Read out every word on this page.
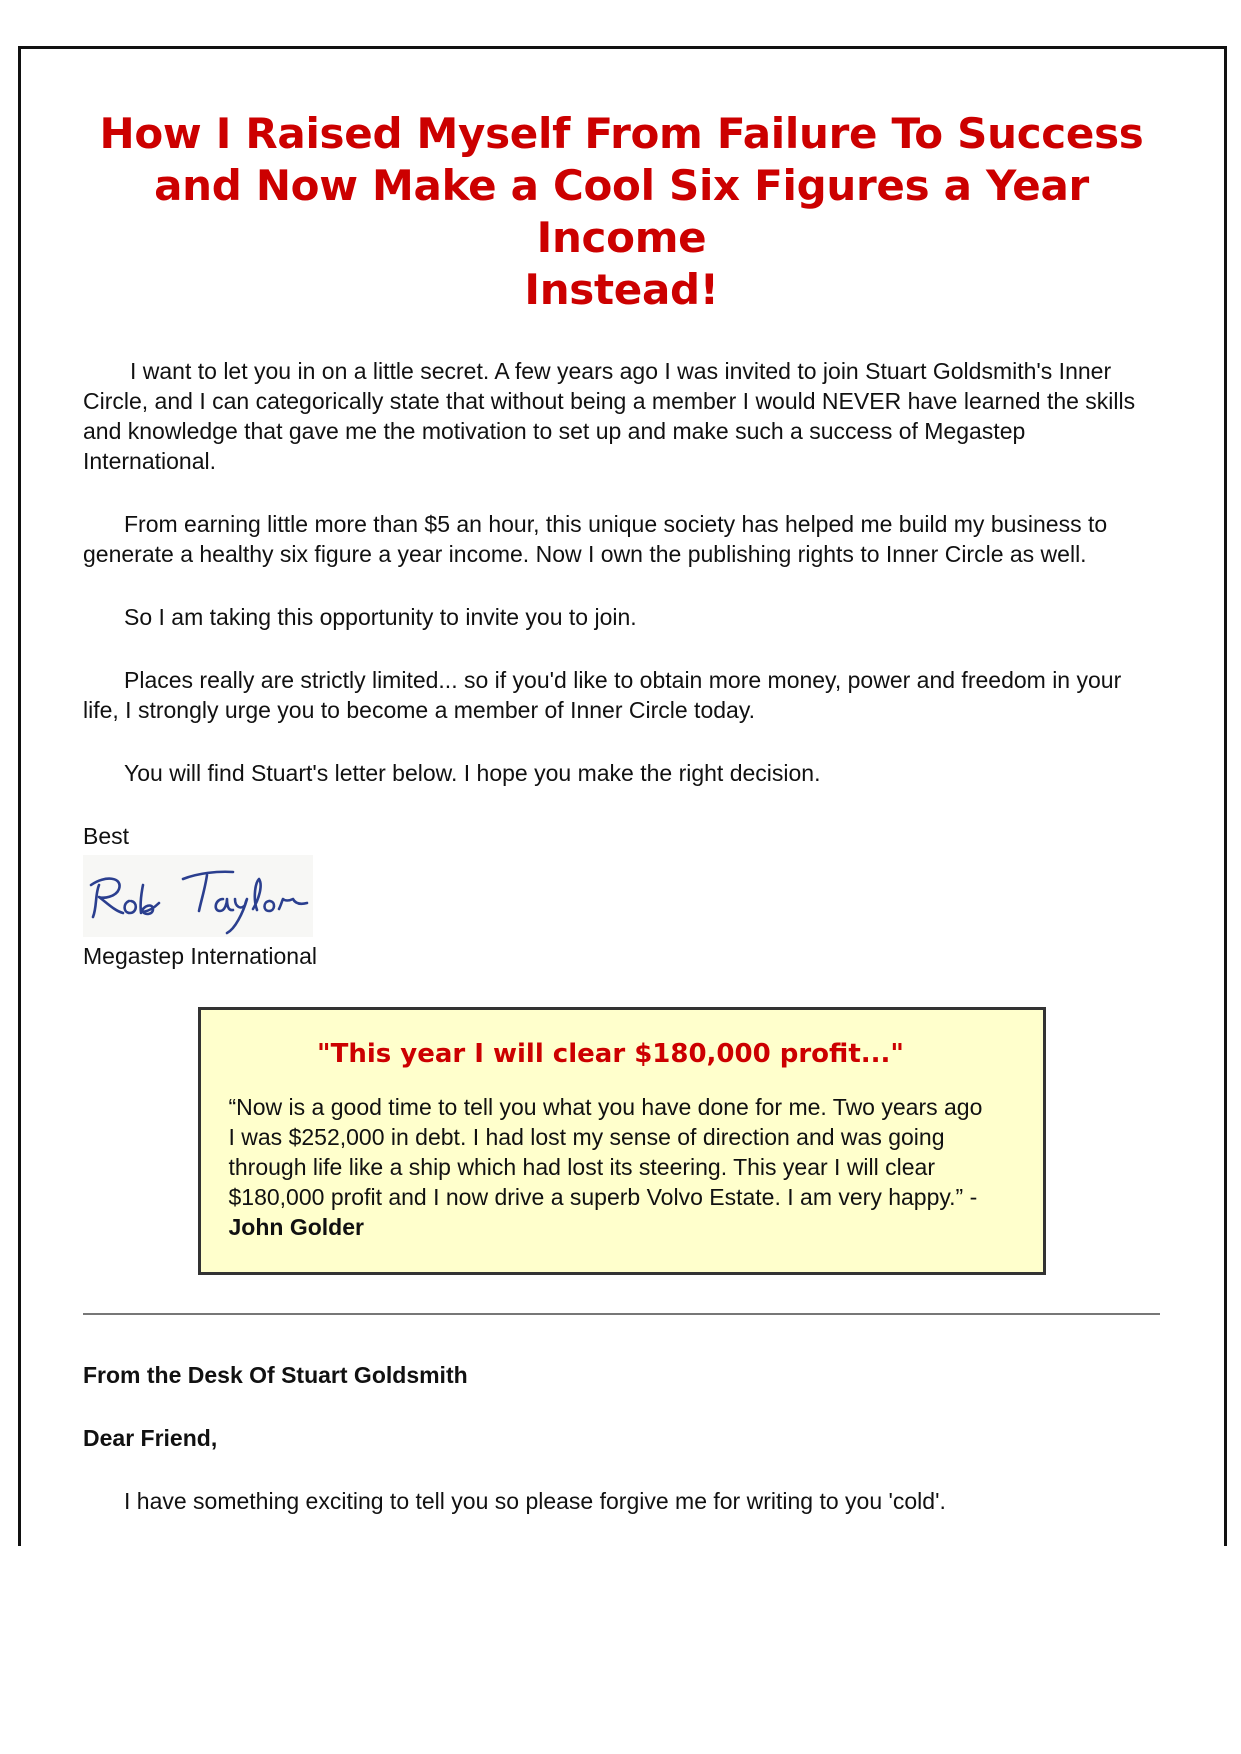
How I Raised Myself From Failure To Success
and Now Make a Cool Six Figures a Year Income
Instead!

I want to let you in on a little secret. A few years ago I was invited to join Stuart Goldsmith's Inner Circle, and I can categorically state that without being a member I would NEVER have learned the skills and knowledge that gave me the motivation to set up and make such a success of Megastep International.

From earning little more than $5 an hour, this unique society has helped me build my business to generate a healthy six figure a year income. Now I own the publishing rights to Inner Circle as well.

So I am taking this opportunity to invite you to join.

Places really are strictly limited... so if you'd like to obtain more money, power and freedom in your life, I strongly urge you to become a member of Inner Circle today.

You will find Stuart's letter below. I hope you make the right decision.

Best

Megastep International

"This year I will clear $180,000 profit..."

“Now is a good time to tell you what you have done for me. Two years ago I was $252,000 in debt. I had lost my sense of direction and was going through life like a ship which had lost its steering. This year I will clear $180,000 profit and I now drive a superb Volvo Estate. I am very happy.” - John Golder

From the Desk Of Stuart Goldsmith

Dear Friend,

I have something exciting to tell you so please forgive me for writing to you 'cold'.
